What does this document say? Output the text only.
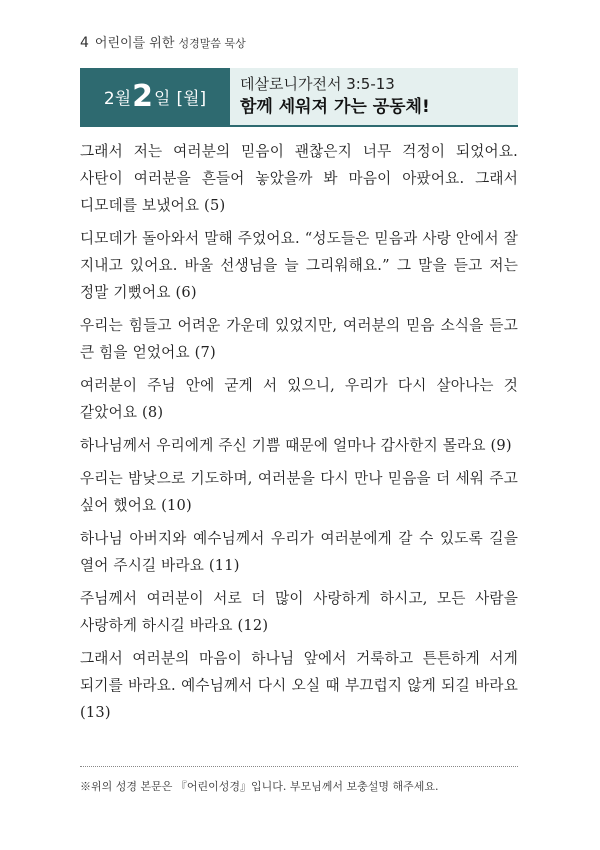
4 어린이를 위한 성경말씀 묵상
2월 2 일 [월]
데살로니가전서 3:5-13
함께 세워져 가는 공동체!

그래서 저는 여러분의 믿음이 괜찮은지 너무 걱정이 되었어요. 사탄이 여러분을 흔들어 놓았을까 봐 마음이 아팠어요. 그래서 디모데를 보냈어요 (5)

디모데가 돌아와서 말해 주었어요. “성도들은 믿음과 사랑 안에서 잘 지내고 있어요. 바울 선생님을 늘 그리워해요.” 그 말을 듣고 저는 정말 기뻤어요 (6)

우리는 힘들고 어려운 가운데 있었지만, 여러분의 믿음 소식을 듣고 큰 힘을 얻었어요 (7)

여러분이 주님 안에 굳게 서 있으니, 우리가 다시 살아나는 것 같았어요 (8)

하나님께서 우리에게 주신 기쁨 때문에 얼마나 감사한지 몰라요 (9)

우리는 밤낮으로 기도하며, 여러분을 다시 만나 믿음을 더 세워 주고 싶어 했어요 (10)

하나님 아버지와 예수님께서 우리가 여러분에게 갈 수 있도록 길을 열어 주시길 바라요 (11)

주님께서 여러분이 서로 더 많이 사랑하게 하시고, 모든 사람을 사랑하게 하시길 바라요 (12)

그래서 여러분의 마음이 하나님 앞에서 거룩하고 튼튼하게 서게 되기를 바라요. 예수님께서 다시 오실 때 부끄럽지 않게 되길 바라요 (13)

※위의 성경 본문은 『어린이성경』입니다. 부모님께서 보충설명 해주세요.
